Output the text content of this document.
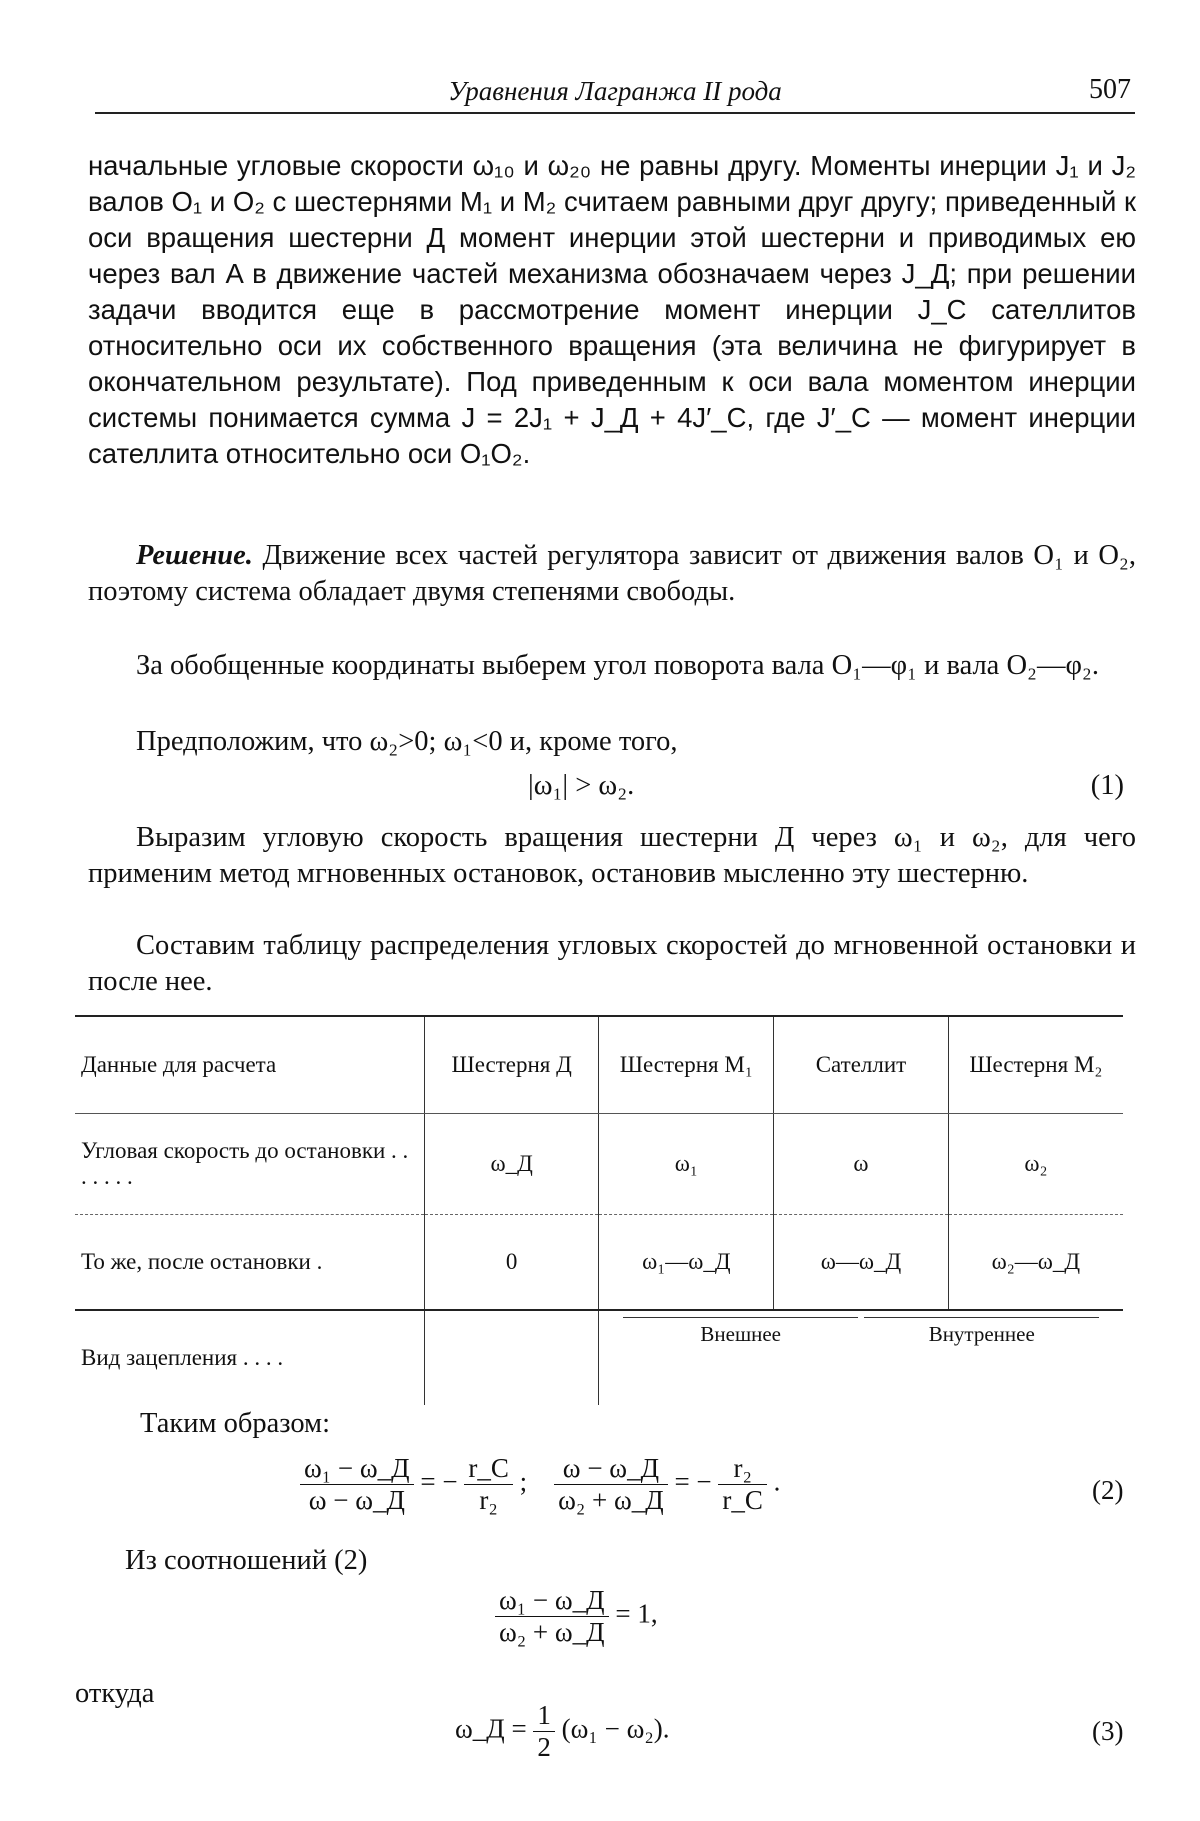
Уравнения Лагранжа II рода	507
начальные угловые скорости ω₁₀ и ω₂₀ не равны другу. Моменты инерции J₁ и J₂ валов O₁ и O₂ с шестернями M₁ и M₂ считаем равными друг другу; приведенный к оси вращения шестерни Д момент инерции этой шестерни и приводимых ею через вал A в движение частей механизма обозначаем через J_Д; при решении задачи вводится еще в рассмотрение момент инерции J_C сателлитов относительно оси их собственного вращения (эта величина не фигурирует в окончательном результате). Под приведенным к оси вала моментом инерции системы понимается сумма J = 2J₁ + J_Д + 4J′_C, где J′_C — момент инерции сателлита относительно оси O₁O₂.
Решение. Движение всех частей регулятора зависит от движения валов O₁ и O₂, поэтому система обладает двумя степенями свободы.
За обобщенные координаты выберем угол поворота вала O₁—φ₁ и вала O₂—φ₂.
Предположим, что ω₂>0; ω₁<0 и, кроме того,
|ω₁| > ω₂.	(1)
Выразим угловую скорость вращения шестерни Д через ω₁ и ω₂, для чего применим метод мгновенных остановок, остановив мысленно эту шестерню.
Составим таблицу распределения угловых скоростей до мгновенной остановки и после нее.
Данные для расчета	Шестерня Д	Шестерня M₁	Сателлит	Шестерня M₂
Угловая скорость до остановки . . . . . . .	ω_Д	ω₁	ω	ω₂
То же, после остановки .	0	ω₁—ω_Д	ω—ω_Д	ω₂—ω_Д
Вид зацепления . . . .		Внешнее Внутреннее		
Таким образом:
$\frac{\text{ω₁ − ω\_Д}}{\omega - \omega\_Д}$ = − $\frac{r\_C}{\text{r₂}}$ ; $\frac{\omega - \omega\_Д}{\text{ω₂ + ω\_Д}}$ = − $\frac{\text{r₂}}{r\_C}$ .	(2)
Из соотношений (2)
$\frac{\text{ω₁ − ω\_Д}}{\text{ω₂ + ω\_Д}} = 1$,
откуда
ω_Д = $\frac{1}{2} (\omega_1 - \omega_2)$.	(3)
